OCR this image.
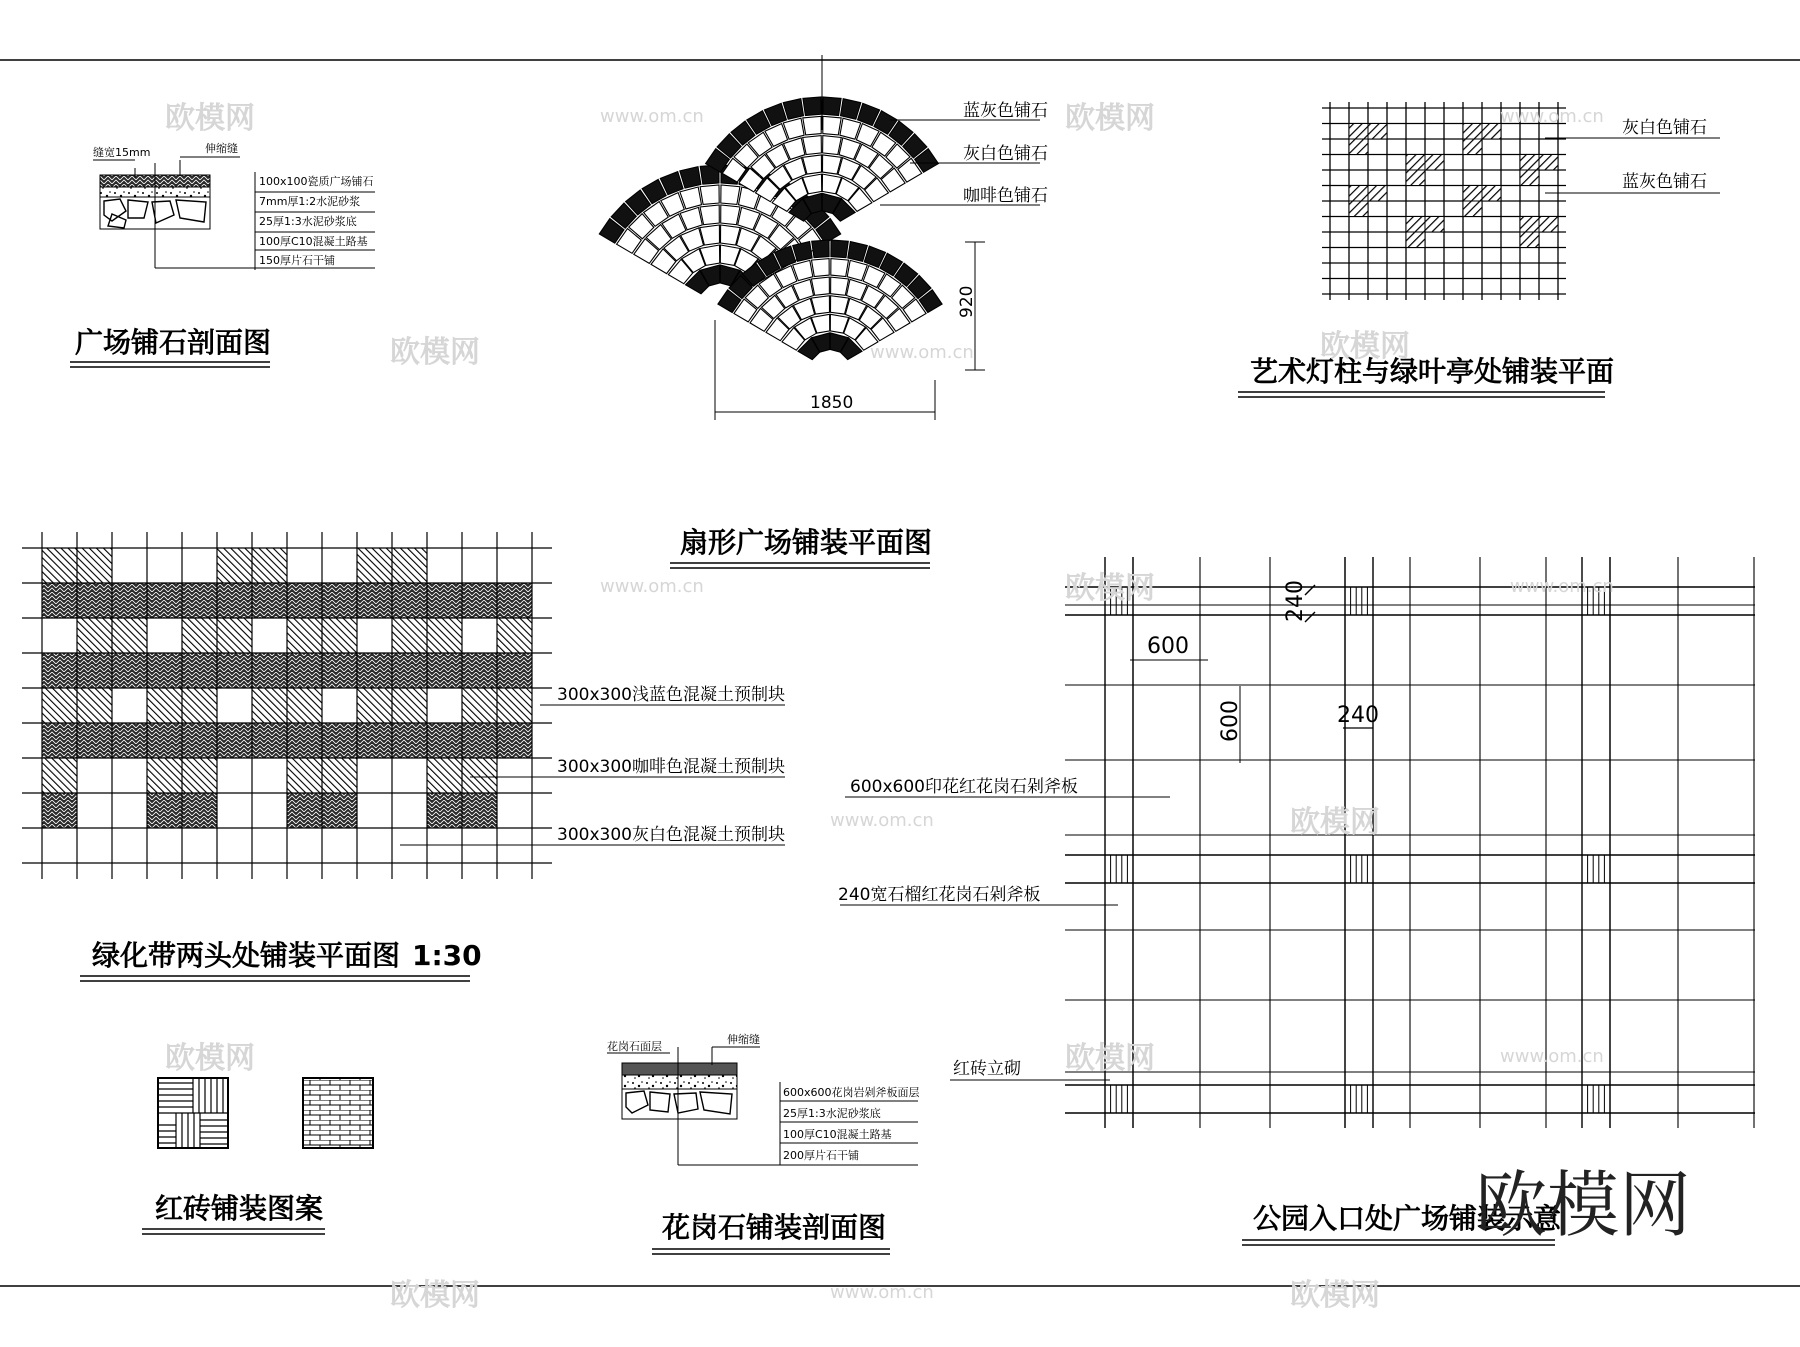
缝宽15mm	伸缩缝
100x100瓷质广场铺石
7mm厚1:2水泥砂浆
25厚1:3水泥砂浆底
100厚C10混凝土路基
150厚片石干铺
广场铺石剖面图
蓝灰色铺石
灰白色铺石
咖啡色铺石
920
1850
扇形广场铺装平面图
灰白色铺石
蓝灰色铺石
艺术灯柱与绿叶亭处铺装平面
300x300浅蓝色混凝土预制块
300x300咖啡色混凝土预制块
300x300灰白色混凝土预制块
绿化带两头处铺装平面图 1:30
红砖铺装图案
花岗石面层
伸缩缝
600x600花岗岩剁斧板面层
25厚1:3水泥砂浆底
100厚C10混凝土路基
200厚片石干铺
花岗石铺装剖面图
600
600
240
240
600x600印花红花岗石剁斧板
240宽石榴红花岗石剁斧板
红砖立砌
公园入口处广场铺装示意
欧模网	www.om.cn	欧模网	www.om.cn
欧模网	www.om.cn	欧模网
www.om.cn	欧模网	www.om.cn
www.om.cn	欧模网
欧模网	欧模网	www.om.cn
欧模网	www.om.cn	欧模网
欧模网
